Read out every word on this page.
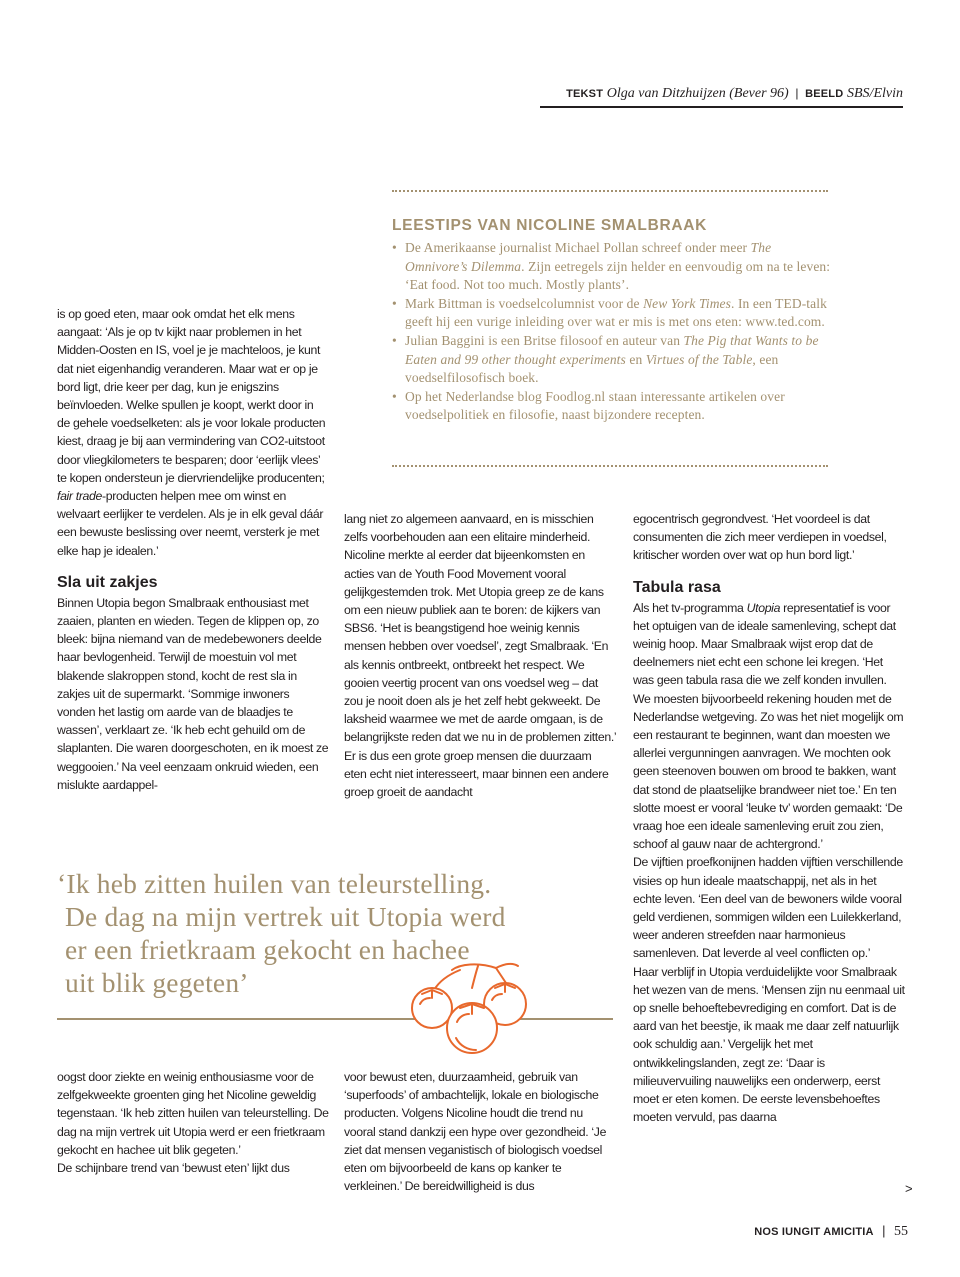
TEKST Olga van Ditzhuijzen (Bever 96) | BEELD SBS/Elvin
LEESTIPS VAN NICOLINE SMALBRAAK
• De Amerikaanse journalist Michael Pollan schreef onder meer The Omnivore’s Dilemma. Zijn eetregels zijn helder en eenvoudig om na te leven: ‘Eat food. Not too much. Mostly plants’.
• Mark Bittman is voedselcolumnist voor de New York Times. In een TED-talk geeft hij een vurige inleiding over wat er mis is met ons eten: www.ted.com.
• Julian Baggini is een Britse filosoof en auteur van The Pig that Wants to be Eaten and 99 other thought experiments en Virtues of the Table, een voedselfilosofisch boek.
• Op het Nederlandse blog Foodlog.nl staan interessante artikelen over voedselpolitiek en filosofie, naast bijzondere recepten.

is op goed eten, maar ook omdat het elk mens aangaat: ‘Als je op tv kijkt naar problemen in het Midden-Oosten en IS, voel je je machteloos, je kunt dat niet eigenhandig veranderen. Maar wat er op je bord ligt, drie keer per dag, kun je enigszins beïnvloeden. Welke spullen je koopt, werkt door in de gehele voedselketen: als je voor lokale producten kiest, draag je bij aan vermindering van CO2-uitstoot door vliegkilometers te besparen; door ‘eerlijk vlees’ te kopen ondersteun je diervriendelijke producenten; fair trade-producten helpen mee om winst en welvaart eerlijker te verdelen. Als je in elk geval dáár een bewuste beslissing over neemt, versterk je met elke hap je idealen.’

Sla uit zakjes

Binnen Utopia begon Smalbraak enthousiast met zaaien, planten en wieden. Tegen de klippen op, zo bleek: bijna niemand van de medebewoners deelde haar bevlogenheid. Terwijl de moestuin vol met blakende slakroppen stond, kocht de rest sla in zakjes uit de supermarkt. ‘Sommige inwoners vonden het lastig om aarde van de blaadjes te wassen’, verklaart ze. ‘Ik heb echt gehuild om de slaplanten. Die waren doorgeschoten, en ik moest ze weggooien.’ Na veel eenzaam onkruid wieden, een mislukte aardappel-

lang niet zo algemeen aanvaard, en is misschien zelfs voorbehouden aan een elitaire minderheid. Nicoline merkte al eerder dat bijeenkomsten en acties van de Youth Food Movement vooral gelijkgestemden trok. Met Utopia greep ze de kans om een nieuw publiek aan te boren: de kijkers van SBS6. ‘Het is beangstigend hoe weinig kennis mensen hebben over voedsel’, zegt Smalbraak. ‘En als kennis ontbreekt, ontbreekt het respect. We gooien veertig procent van ons voedsel weg – dat zou je nooit doen als je het zelf hebt gekweekt. De laksheid waarmee we met de aarde omgaan, is de belangrijkste reden dat we nu in de problemen zitten.’ Er is dus een grote groep mensen die duurzaam eten echt niet interesseert, maar binnen een andere groep groeit de aandacht

egocentrisch gegrondvest. ‘Het voordeel is dat consumenten die zich meer verdiepen in voedsel, kritischer worden over wat op hun bord ligt.’

Tabula rasa

Als het tv-programma Utopia representatief is voor het optuigen van de ideale samenleving, schept dat weinig hoop. Maar Smalbraak wijst erop dat de deelnemers niet echt een schone lei kregen. ‘Het was geen tabula rasa die we zelf konden invullen. We moesten bijvoorbeeld rekening houden met de Nederlandse wetgeving. Zo was het niet mogelijk om een restaurant te beginnen, want dan moesten we allerlei vergunningen aanvragen. We mochten ook geen steenoven bouwen om brood te bakken, want dat stond de plaatselijke brandweer niet toe.’ En ten slotte moest er vooral ‘leuke tv’ worden gemaakt: ‘De vraag hoe een ideale samenleving eruit zou zien, schoof al gauw naar de achtergrond.’

De vijftien proefkonijnen hadden vijftien verschillende visies op hun ideale maatschappij, net als in het echte leven. ‘Een deel van de bewoners wilde vooral geld verdienen, sommigen wilden een Luilekkerland, weer anderen streefden naar harmonieus samenleven. Dat leverde al veel conflicten op.’

Haar verblijf in Utopia verduidelijkte voor Smalbraak het wezen van de mens. ‘Mensen zijn nu eenmaal uit op snelle behoeftebevrediging en comfort. Dat is de aard van het beestje, ik maak me daar zelf natuurlijk ook schuldig aan.’ Vergelijk het met ontwikkelingslanden, zegt ze: ‘Daar is milieuvervuiling nauwelijks een onderwerp, eerst moet er eten komen. De eerste levensbehoeftes moeten vervuld, pas daarna

‘Ik heb zitten huilen van teleurstelling.
De dag na mijn vertrek uit Utopia werd
er een frietkraam gekocht en hachee
uit blik gegeten’

oogst door ziekte en weinig enthousiasme voor de zelfgekweekte groenten ging het Nicoline geweldig tegenstaan. ‘Ik heb zitten huilen van teleurstelling. De dag na mijn vertrek uit Utopia werd er een frietkraam gekocht en hachee uit blik gegeten.’

De schijnbare trend van ‘bewust eten’ lijkt dus

voor bewust eten, duurzaamheid, gebruik van ‘superfoods’ of ambachtelijk, lokale en biologische producten. Volgens Nicoline houdt die trend nu vooral stand dankzij een hype over gezondheid. ‘Je ziet dat mensen veganistisch of biologisch voedsel eten om bijvoorbeeld de kans op kanker te verkleinen.’ De bereidwilligheid is dus	>
NOS IUNGIT AMICITIA | 55
